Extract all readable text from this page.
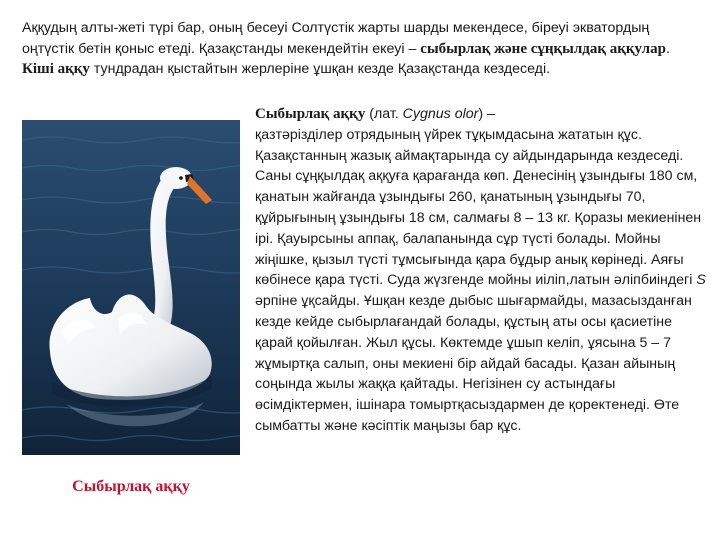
Аққудың алты-жеті түрі бар, оның бесеуі Солтүстік жарты шарды мекендесе, біреуі экватордың оңтүстік бетін қоныс етеді. Қазақстанды мекендейтін екеуі – сыбырлақ және сұңқылдақ аққулар. Кіші аққу тундрадан қыстайтын жерлеріне ұшқан кезде Қазақстанда кездеседі.

Сыбырлақ аққу

Сыбырлақ аққу (лат. Cygnus olor) –
қазтәрізділер отрядының үйрек тұқымдасына жататын құс. Қазақстанның жазық аймақтарында су айдындарында кездеседі. Саны сұңқылдақ аққуға қарағанда көп. Денесінің ұзындығы 180 см, қанатын жайғанда ұзындығы 260, қанатының ұзындығы 70, құйрығының ұзындығы 18 см, салмағы 8 – 13 кг. Қоразы мекиенінен ірі. Қауырсыны аппақ, балапанында сұр түсті болады. Мойны жіңішке, қызыл түсті тұмсығында қара бұдыр анық көрінеді. Аяғы көбінесе қара түсті. Суда жүзгенде мойны иіліп,латын әліпбиіндегі S әрпіне ұқсайды. Ұшқан кезде дыбыс шығармайды, мазасызданған кезде кейде сыбырлағандай болады, құстың аты осы қасиетіне қарай қойылған. Жыл құсы. Көктемде ұшып келіп, ұясына 5 – 7 жұмыртқа салып, оны мекиені бір айдай басады. Қазан айының соңында жылы жаққа қайтады. Негізінен су астындағы өсімдіктермен, ішінара томыртқасыздармен де қоректенеді. Өте сымбатты және кәсіптік маңызы бар құс.
